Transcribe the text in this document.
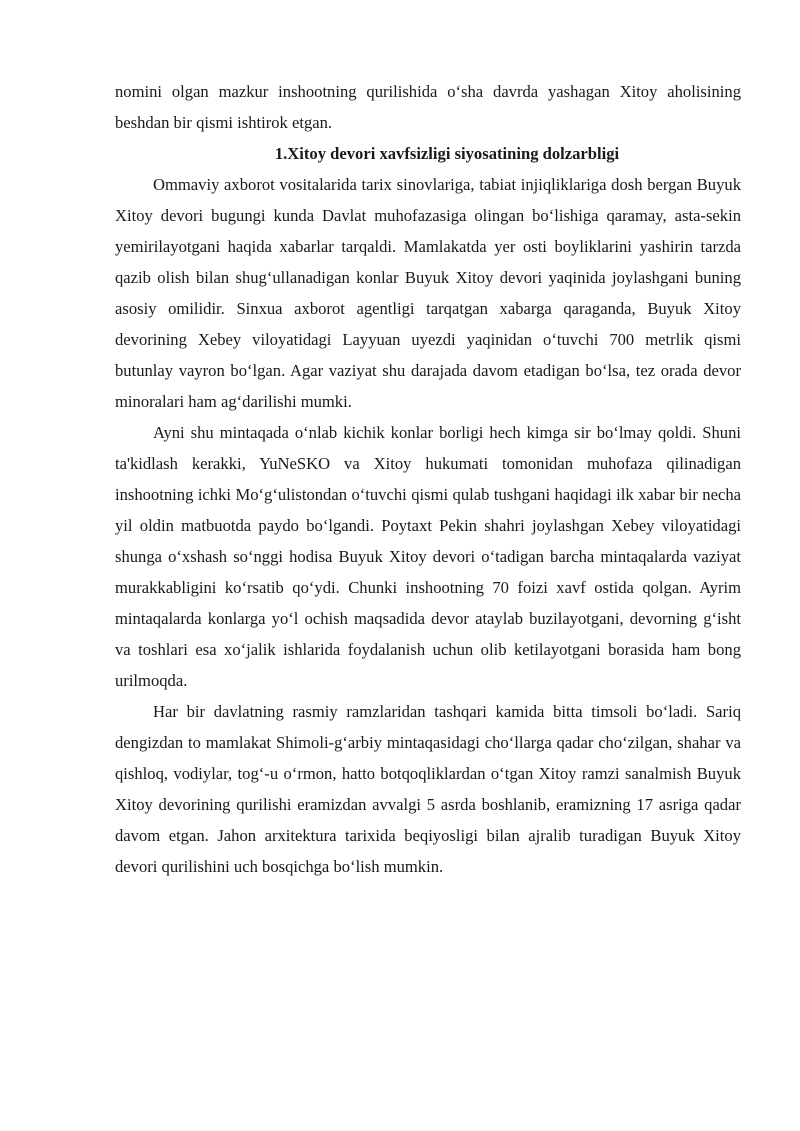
nomini olgan mazkur inshootning qurilishida o‘sha davrda yashagan Xitoy aholisining beshdan bir qismi ishtirok etgan.

1.Xitoy devori xavfsizligi siyosatining dolzarbligi

Ommaviy axborot vositalarida tarix sinovlariga, tabiat injiqliklariga dosh bergan Buyuk Xitoy devori bugungi kunda Davlat muhofazasiga olingan bo‘lishiga qaramay, asta-sekin yemirilayotgani haqida xabarlar tarqaldi. Mamlakatda yer osti boyliklarini yashirin tarzda qazib olish bilan shug‘ullanadigan konlar Buyuk Xitoy devori yaqinida joylashgani buning asosiy omilidir. Sinxua axborot agentligi tarqatgan xabarga qaraganda, Buyuk Xitoy devorining Xebey viloyatidagi Layyuan uyezdi yaqinidan o‘tuvchi 700 metrlik qismi butunlay vayron bo‘lgan. Agar vaziyat shu darajada davom etadigan bo‘lsa, tez orada devor minoralari ham ag‘darilishi mumki.

Ayni shu mintaqada o‘nlab kichik konlar borligi hech kimga sir bo‘lmay qoldi. Shuni ta'kidlash kerakki, YuNeSKO va Xitoy hukumati tomonidan muhofaza qilinadigan inshootning ichki Mo‘g‘ulistondan o‘tuvchi qismi qulab tushgani haqidagi ilk xabar bir necha yil oldin matbuotda paydo bo‘lgandi. Poytaxt Pekin shahri joylashgan Xebey viloyatidagi shunga o‘xshash so‘nggi hodisa Buyuk Xitoy devori o‘tadigan barcha mintaqalarda vaziyat murakkabligini ko‘rsatib qo‘ydi. Chunki inshootning 70 foizi xavf ostida qolgan. Ayrim mintaqalarda konlarga yo‘l ochish maqsadida devor ataylab buzilayotgani, devorning g‘isht va toshlari esa xo‘jalik ishlarida foydalanish uchun olib ketilayotgani borasida ham bong urilmoqda.

Har bir davlatning rasmiy ramzlaridan tashqari kamida bitta timsoli bo‘ladi. Sariq dengizdan to mamlakat Shimoli-g‘arbiy mintaqasidagi cho‘llarga qadar cho‘zilgan, shahar va qishloq, vodiylar, tog‘-u o‘rmon, hatto botqoqliklardan o‘tgan Xitoy ramzi sanalmish Buyuk Xitoy devorining qurilishi eramizdan avvalgi 5 asrda boshlanib, eramizning 17 asriga qadar davom etgan. Jahon arxitektura tarixida beqiyosligi bilan ajralib turadigan Buyuk Xitoy devori qurilishini uch bosqichga bo‘lish mumkin.
